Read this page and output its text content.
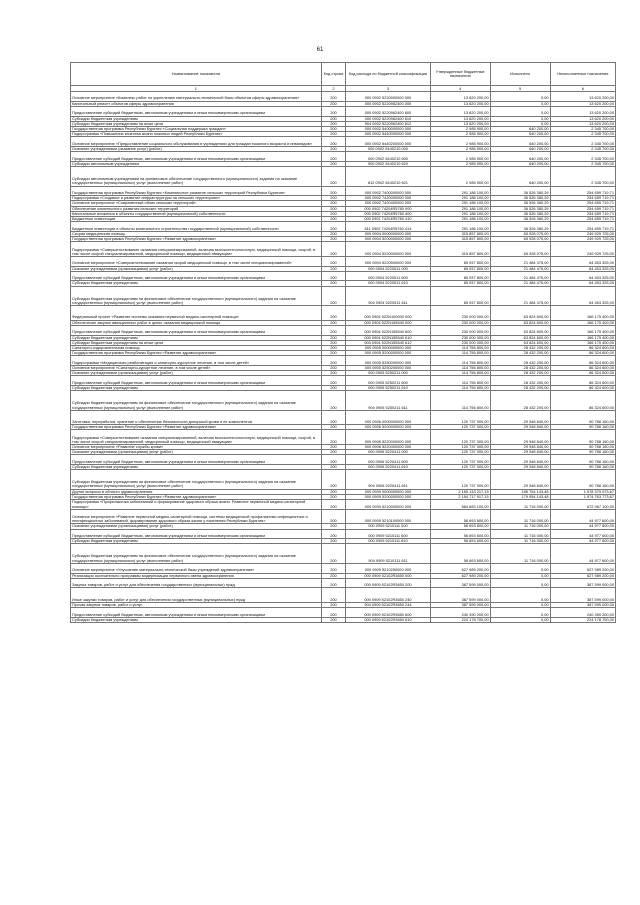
61
Наименование показателя	Код строки	Код расхода по бюджетной классификации	Утвержденные бюджетные назначения	Исполнено	Неисполненные назначения
1	2	3	4	5	6
Основное мероприятие «Комплекс работ по укреплению материально-технической базы объектов сферы здравоохранения»	200	000 0902 5220900000 000	13 620 200,00	0,00	13 620 200,00
Капитальный ремонт объектов сферы здравоохранения	200	000 0902 5220962400 000	13 620 200,00	0,00	13 620 200,00
Предоставление субсидий бюджетным, автономным учреждениям и иным некоммерческим организациям	200	000 0902 5220962400 600	13 620 200,00	0,00	13 620 200,00
Субсидии бюджетным учреждениям	200	000 0902 5220962400 610	13 620 200,00	0,00	13 620 200,00
Субсидии бюджетным учреждениям на иные цели	200	904 0902 5220962400 612	13 620 200,00	0,00	13 620 200,00
Государственная программа Республики Бурятия «Социальная поддержка граждан»	200	000 0902 5400000000 000	2 985 900,00	640 200,00	2 345 700,00
Подпрограмма «Повышение качества жизни пожилых людей Республики Бурятия»	200	000 0902 5440000000 000	2 985 900,00	640 200,00	2 345 700,00
Основное мероприятие «Предоставление социального обслуживания в учреждениях для граждан пожилого возраста и инвалидов»	200	000 0902 5440200000 000	2 985 900,00	640 200,00	2 345 700,00
Оказание учреждениями (оказание услуг) (работ)	200	000 0902 5440210 000	2 985 900,00	640 200,00	2 345 700,00
Предоставление субсидий бюджетным, автономным учреждениям и иным некоммерческим организациям	200	000 0902 5440210 600	2 985 900,00	640 200,00	2 345 700,00
Субсидии автономным учреждениям	200	000 0902 5440210 620	2 985 900,00	640 200,00	2 345 700,00
Субсидии автономным учреждениям на финансовое обеспечение государственного (муниципального) задания на оказание государственных (муниципальных) услуг (выполнение работ)	200	812 0902 5440210 621	2 985 900,00	640 200,00	2 345 700,00
Государственная программа Республики Бурятия «Комплексное развитие сельских территорий Республики Бурятия»	200	000 0902 7400000000 000	291 186 100,00	36 526 380,29	254 659 719,71
Подпрограмма «Создание и развитие инфраструктуры на сельских территориях»	200	000 0902 7420000000 000	291 186 100,00	36 526 380,29	254 659 719,71
Основное мероприятие «Современный облик сельских территорий»	200	000 0902 7420400000 000	291 186 100,00	36 526 380,29	254 659 719,71
Обеспечение комплексного развития сельских территорий	200	000 0902 74204R5760 000	291 186 100,00	36 526 380,29	254 659 719,71
Капитальные вложения в объекты государственной (муниципальной) собственности	200	000 0902 74204R5760 400	291 186 100,00	36 526 380,29	254 659 719,71
Бюджетные инвестиции	200	000 0902 74204R5760 410	291 186 100,00	36 526 380,29	254 659 719,71
Бюджетные инвестиции в объекты капитального строительства государственной (муниципальной) собственности	200	811 0902 74204R5760 414	291 186 100,00	36 526 380,29	254 659 719,71
Скорая медицинская помощь	200	000 0904 0000000000 000	315 857 800,00	65 928 075,00	249 929 725,00
Государственная программа Республики Бурятия «Развитие здравоохранения»	200	000 0904 5200000000 000	315 857 800,00	65 928 075,00	249 929 725,00
Подпрограмма «Совершенствование оказания специализированной, включая высокотехнологичную, медицинской помощи, скорой, в том числе скорой специализированной, медицинской помощи, медицинской эвакуации»	200	000 0904 5220000000 000	315 857 800,00	65 928 075,00	249 929 725,00
Основное мероприятие «Совершенствование оказания скорой медицинской помощи, в том числе специализированной»	200	000 0904 5220500000 000	85 937 800,00	21 484 475,00	64 453 325,00
Оказание учреждениями (организациями) услуг (работ)	200	000 0904 5220511 000	85 937 800,00	21 484 475,00	64 453 325,00
Предоставление субсидий бюджетным, автономным учреждениям и иным некоммерческим организациям	200	000 0904 5220511 600	85 937 800,00	21 484 475,00	64 453 325,00
Субсидии бюджетным учреждениям	200	000 0904 5220511 610	85 937 800,00	21 484 475,00	64 453 325,00
Субсидии бюджетным учреждениям на финансовое обеспечение государственного (муниципального) задания на оказание государственных (муниципальных) услуг (выполнение работ)	200	904 0904 5220511 611	85 937 800,00	21 484 475,00	64 453 325,00
Федеральный проект «Развитие системы оказания первичной медико-санитарной помощи»	200	000 0904 522N100000 000	230 000 000,00	63 824 600,00	166 175 400,00
Обеспечение закупки авиационных работ в целях оказания медицинской помощи	200	000 0904 522N155540 000	230 000 000,00	63 824 600,00	166 175 400,00
Предоставление субсидий бюджетным, автономным учреждениям и иным некоммерческим организациям	200	000 0904 522N155540 600	230 000 000,00	63 824 600,00	166 175 400,00
Субсидии бюджетным учреждениям	200	000 0904 522N155540 610	230 000 000,00	63 824 600,00	166 175 400,00
Субсидии бюджетным учреждениям на иные цели	200	904 0904 522N155540 612	230 000 000,00	63 824 600,00	166 175 400,00
Санаторно-оздоровительная помощь	200	000 0905 0000000000 000	114 756 800,00	28 432 200,00	86 324 600,00
Государственная программа Республики Бурятия «Развитие здравоохранения»	200	000 0905 5200000000 000	114 756 800,00	28 432 200,00	86 324 600,00
Подпрограмма «Медицинская реабилитация и санаторно-курортное лечение, в том числе детей»	200	000 0905 5250000000 000	114 756 800,00	28 432 200,00	86 324 600,00
Основное мероприятие «Санаторно-курортное лечение, в том числе детей»	200	000 0905 5250200000 000	114 756 800,00	28 432 200,00	86 324 600,00
Оказание учреждениями (организациями) услуг (работ)	200	000 0905 5250211 000	114 756 800,00	28 432 200,00	86 324 600,00
Предоставление субсидий бюджетным, автономным учреждениям и иным некоммерческим организациям	200	000 0905 5250211 600	114 756 800,00	28 432 200,00	86 324 600,00
Субсидии бюджетным учреждениям	200	000 0905 5250211 610	114 756 800,00	28 432 200,00	86 324 600,00
Субсидии бюджетным учреждениям на финансовое обеспечение государственного (муниципального) задания на оказание государственных (муниципальных) услуг (выполнение работ)	200	904 0905 5250211 611	114 756 800,00	28 432 200,00	86 324 600,00
Заготовка, переработка, хранение и обеспечение безопасности донорской крови и ее компонентов	200	000 0906 0000000000 000	120 737 000,00	29 948 840,00	90 788 160,00
Государственная программа Республики Бурятия «Развитие здравоохранения»	200	000 0906 5200000000 000	120 737 000,00	29 948 840,00	90 788 160,00
Подпрограмма «Совершенствование оказания специализированной, включая высокотехнологичную, медицинской помощи, скорой, в том числе скорой специализированной, медицинской помощи, медицинской эвакуации»	200	000 0906 5220000000 000	120 737 000,00	29 948 840,00	90 788 160,00
Основное мероприятие «Развитие службы крови»	200	000 0906 5220400000 000	120 737 000,00	29 948 840,00	90 788 160,00
Оказание учреждениями (организациями) услуг (работ)	200	000 0906 5220411 000	120 737 000,00	29 948 840,00	90 788 160,00
Предоставление субсидий бюджетным, автономным учреждениям и иным некоммерческим организациям	200	000 0906 5220411 600	120 737 000,00	29 948 840,00	90 788 160,00
Субсидии бюджетным учреждениям	200	000 0906 5220411 610	120 737 000,00	29 948 840,00	90 788 160,00
Субсидии бюджетным учреждениям на финансовое обеспечение государственного (муниципального) задания на оказание государственных (муниципальных) услуг (выполнение работ)	200	904 0906 5220411 611	120 737 000,00	29 948 840,00	90 788 160,00
Другие вопросы в области здравоохранения	200	000 0909 0000000000 000	2 165 133 217,15	186 754 143,48	1 978 379 073,67
Государственная программа Республики Бурятия «Развитие здравоохранения»	200	000 0909 5200000000 000	2 154 717 917,15	179 954 143,48	1 974 763 773,67
Подпрограмма «Профилактика заболеваний и формирование здорового образа жизни. Развитие первичной медико-санитарной помощи»	200	000 0909 5210000000 000	684 683 100,00	11 716 000,00	672 967 100,00
Основное мероприятие «Развитие первичной медико-санитарной помощи, системы медицинской профилактики инфекционных и неинфекционных заболеваний, формирование здорового образа жизни у населения Республики Бурятия»	200	000 0909 5210100000 000	56 693 600,00	11 716 000,00	44 977 600,00
Оказание учреждениями (организациями) услуг (работ)	200	000 0909 5210111 000	56 693 600,00	11 716 000,00	44 977 600,00
Предоставление субсидий бюджетным, автономным учреждениям и иным некоммерческим организациям	200	000 0909 5210111 600	56 693 600,00	11 716 000,00	44 977 600,00
Субсидии бюджетным учреждениям	200	000 0909 5210111 610	56 693 600,00	11 716 000,00	44 977 600,00
Субсидии бюджетным учреждениям на финансовое обеспечение государственного (муниципального) задания на оказание государственных (муниципальных) услуг (выполнение работ)	200	904 0909 5210111 611	56 693 600,00	11 716 000,00	44 977 600,00
Основное мероприятие «Улучшение материально-технической базы учреждений здравоохранения»	200	000 0909 5210200000 000	627 989 200,00	0,00	627 989 200,00
Реализация окончательно программы модернизации первичного звена здравоохранения	200	000 0909 52102R3650 000	627 989 200,00	0,00	627 989 200,00
Закупка товаров, работ и услуг для обеспечения государственных (муниципальных) нужд	200	000 0909 52102R3650 200	387 599 000,00	0,00	387 599 000,00
Иные закупки товаров, работ и услуг для обеспечения государственных (муниципальных) нужд	200	000 0909 52102R3650 240	387 599 000,00	0,00	387 599 000,00
Прочая закупка товаров, работ и услуг	200	904 0909 52102R3650 244	387 599 000,00	0,00	387 599 000,00
Предоставление субсидий бюджетным, автономным учреждениям и иным некоммерческим организациям	200	000 0909 52102R3650 600	240 390 200,00	0,00	240 390 200,00
Субсидии бюджетным учреждениям	200	000 0909 52102R3650 610	224 178 700,00	0,00	224 178 700,00
